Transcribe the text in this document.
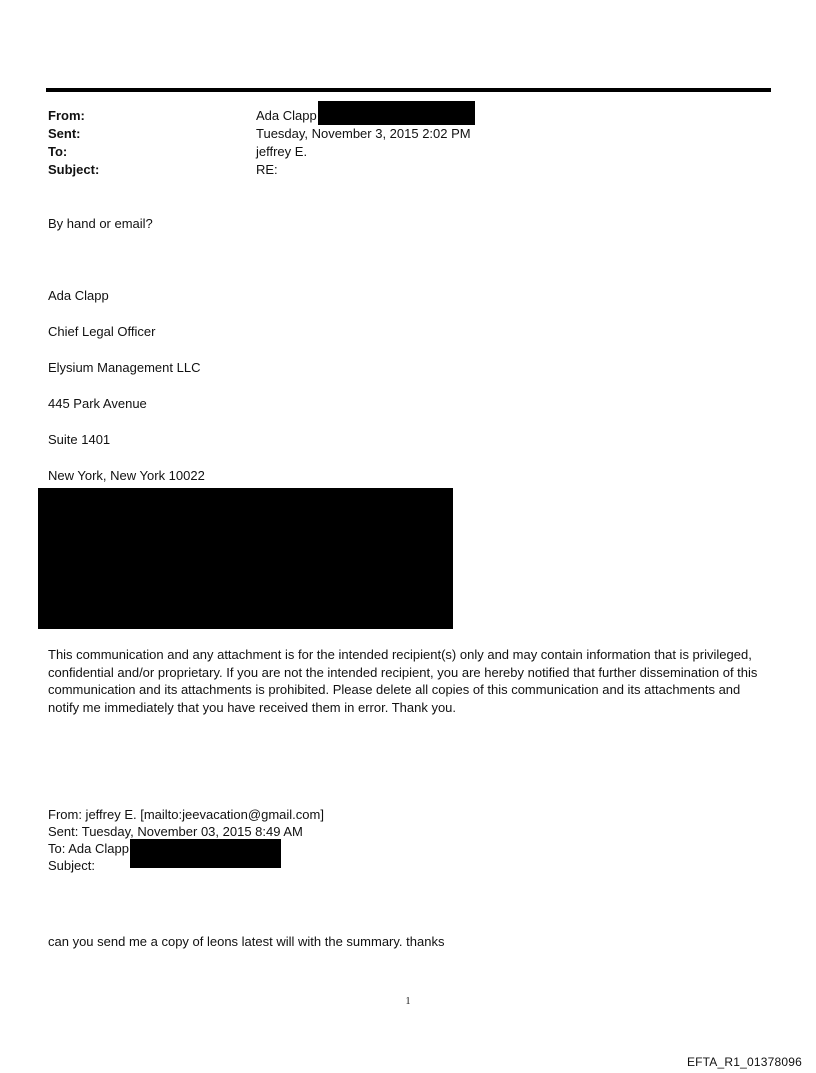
From:	Ada Clapp
Sent:	Tuesday, November 3, 2015 2:02 PM
To:	jeffrey E.
Subject:	RE:
By hand or email?
Ada Clapp
Chief Legal Officer
Elysium Management LLC
445 Park Avenue
Suite 1401
New York, New York 10022
This communication and any attachment is for the intended recipient(s) only and may contain information that is privileged, confidential and/or proprietary. If you are not the intended recipient, you are hereby notified that further dissemination of this communication and its attachments is prohibited. Please delete all copies of this communication and its attachments and notify me immediately that you have received them in error. Thank you.
From: jeffrey E. [mailto:jeevacation@gmail.com]
Sent: Tuesday, November 03, 2015 8:49 AM
To: Ada Clapp
Subject:
can you send me a copy of leons latest will with the summary. thanks
1
EFTA_R1_01378096
